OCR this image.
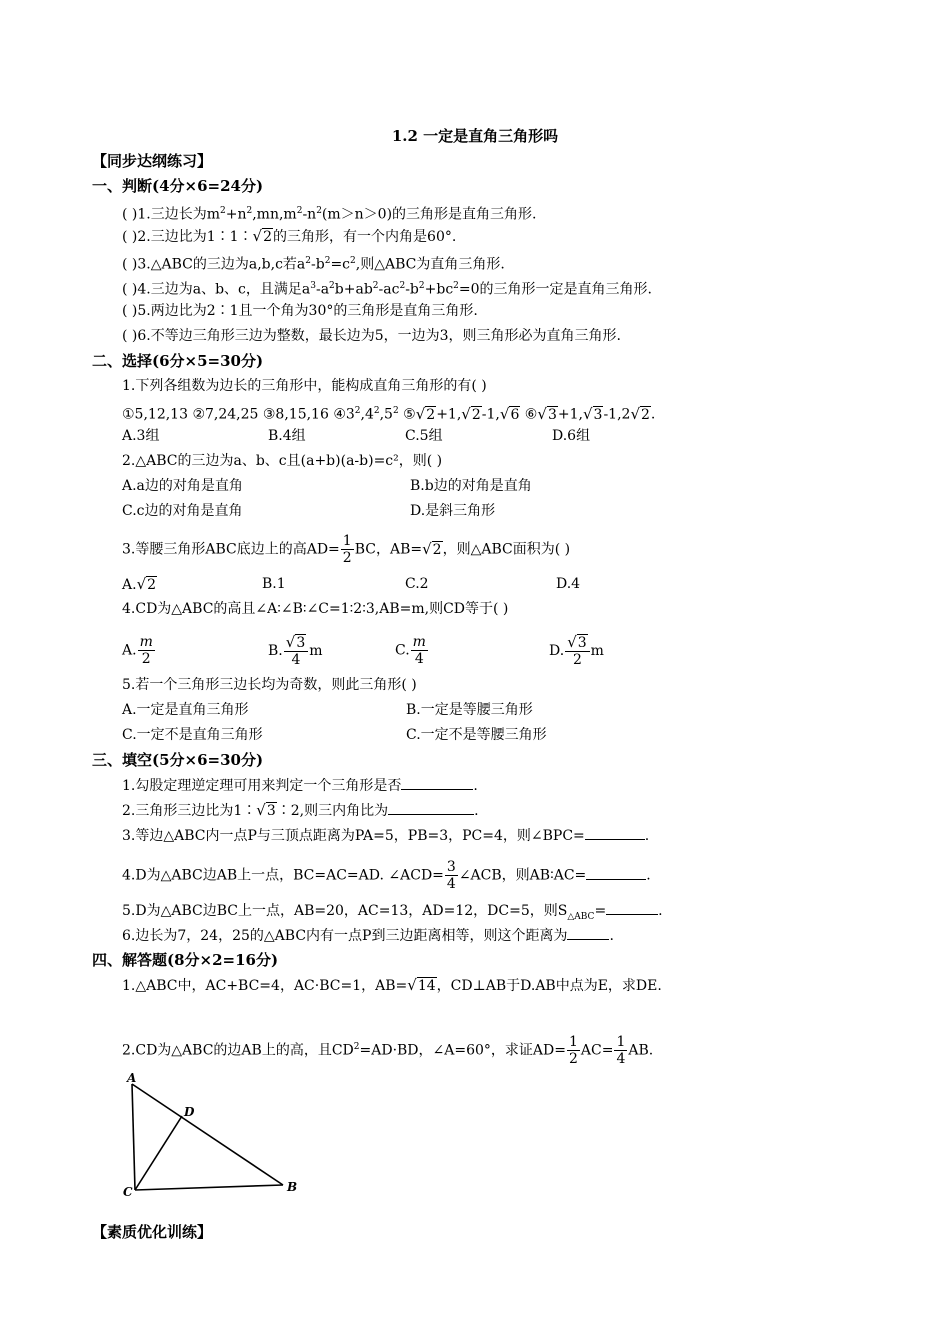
1.2 一定是直角三角形吗
【同步达纲练习】
一、判断(4分×6=24分)
( )1.三边长为$m^2+n^2,mn,m^2-n^2(m>n>0)$的三角形是直角三角形.
( )2.三边比为1∶1∶√2的三角形，有一个内角是60°.
( )3.△ABC的三边为a,b,c若$a^2-b^2=c^2$,则△ABC为直角三角形.
( )4.三边为a、b、c，且满足$a^3-a^2b+ab^2-ac^2-b^2+bc^2=0$的三角形一定是直角三角形.
( )5.两边比为2∶1且一个角为30°的三角形是直角三角形.
( )6.不等边三角形三边为整数，最长边为5，一边为3，则三角形必为直角三角形.
二、选择(6分×5=30分)
1.下列各组数为边长的三角形中，能构成直角三角形的有( )
①5,12,13 ②7,24,25 ③8,15,16 $④3^2,4^2,5^2$ ⑤√2+1,√2-1,√6 ⑥√3+1,√3-1,2√2.
A.3组	B.4组	C.5组	D.6组
2.△ABC的三边为a、b、c且(a+b)(a-b)=c²，则( )
A.a边的对角是直角	B.b边的对角是直角
C.c边的对角是直角	D.是斜三角形
3.等腰三角形ABC底边上的高$AD= \frac{1}{2}$ BC，AB=√2，则△ABC面积为( )
A.√2	B.1	C.2	D.4
4.CD为△ABC的高且∠A∶∠B∶∠C=1∶2∶3,AB=m,则CD等于( )
A. $\frac{m}{2}$	B. $\frac{√3}{4}$ m	C. $\frac{m}{4}$	D. $\frac{√3}{2}$ m
5.若一个三角形三边长均为奇数，则此三角形( )
A.一定是直角三角形	B.一定是等腰三角形
C.一定不是直角三角形	C.一定不是等腰三角形
三、填空(5分×6=30分)
1.勾股定理逆定理可用来判定一个三角形是否	.
2.三角形三边比为1∶√3∶2,则三内角比为	.
3.等边△ABC内一点P与三顶点距离为PA=5，PB=3，PC=4，则∠BPC=	.
4.D为△ABC边AB上一点，BC=AC=AD. ∠ACD= $\frac{3}{4}$ ∠ACB，则AB∶AC=	.
5.D为△ABC边BC上一点，AB=20，AC=13，AD=12，DC=5，则$S_{\triangle ABC}=$	.
6.边长为7，24，25的△ABC内有一点P到三边距离相等，则这个距离为	.
四、解答题(8分×2=16分)
1.△ABC中，AC+BC=4，AC·BC=1，AB=√14，CD⊥AB于D.AB中点为E，求DE.
2.CD为△ABC的边AB上的高，且$CD^2=AD\cdot BD$，∠A=60°，求证$AD= \frac{1}{2} AC= \frac{1}{4}$ AB.
A
D
C	B
【素质优化训练】
